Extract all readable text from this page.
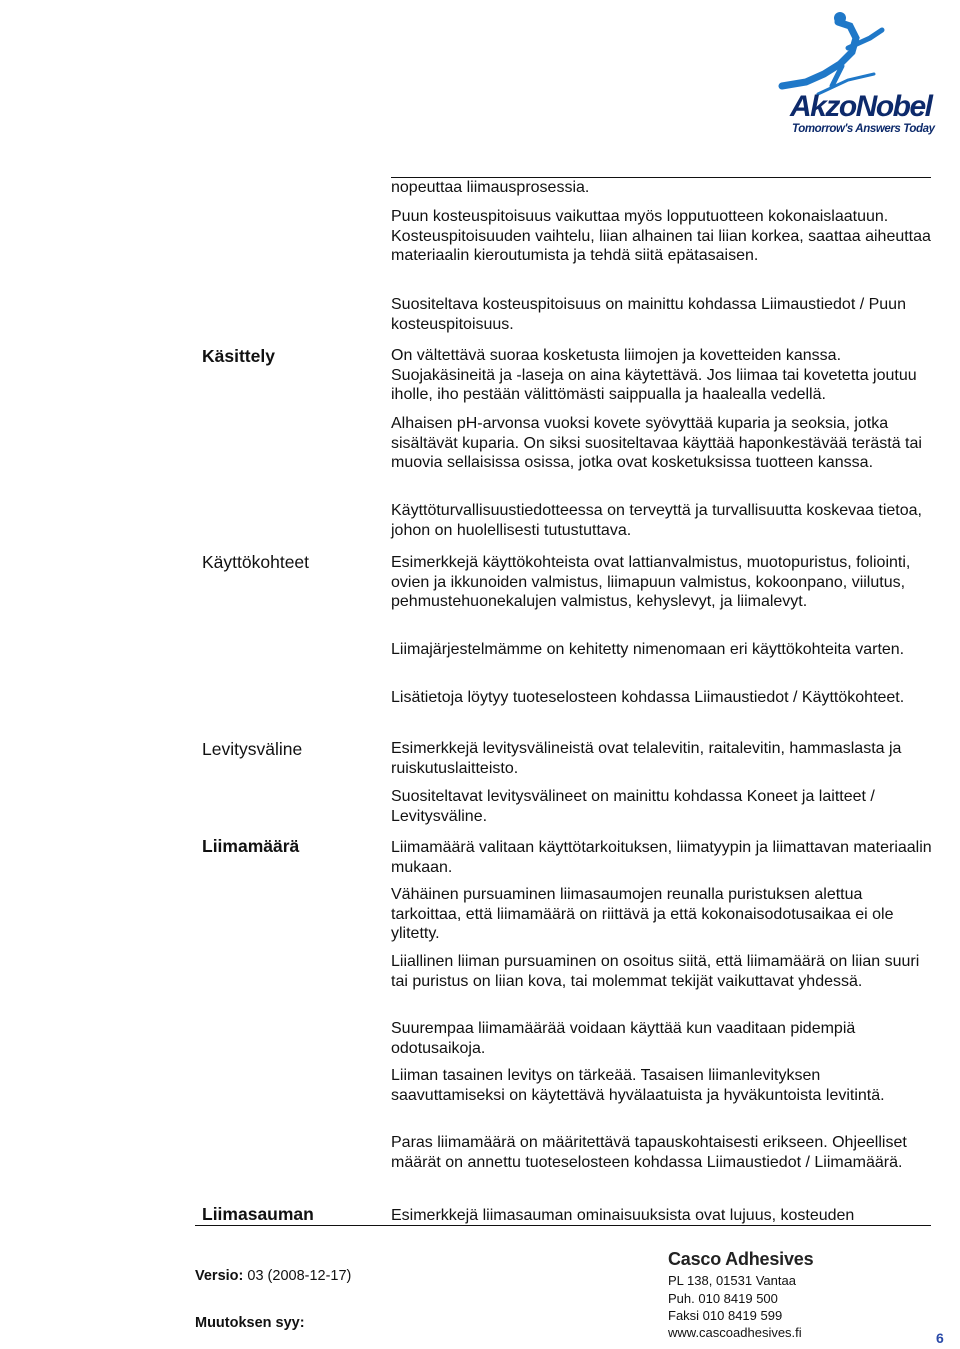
AkzoNobel
Tomorrow's Answers Today
Käsittely
Käyttökohteet
Levitysväline
Liimamäärä
Liimasauman

nopeuttaa liimausprosessia.

Puun kosteuspitoisuus vaikuttaa myös lopputuotteen kokonaislaatuun. Kosteuspitoisuuden vaihtelu, liian alhainen tai liian korkea, saattaa aiheuttaa materiaalin kieroutumista ja tehdä siitä epätasaisen.

Suositeltava kosteuspitoisuus on mainittu kohdassa Liimaustiedot / Puun kosteuspitoisuus.

On vältettävä suoraa kosketusta liimojen ja kovetteiden kanssa. Suojakäsineitä ja -laseja on aina käytettävä. Jos liimaa tai kovetetta joutuu iholle, iho pestään välittömästi saippualla ja haalealla vedellä.

Alhaisen pH-arvonsa vuoksi kovete syövyttää kuparia ja seoksia, jotka sisältävät kuparia. On siksi suositeltavaa käyttää haponkestävää terästä tai muovia sellaisissa osissa, jotka ovat kosketuksissa tuotteen kanssa.

Käyttöturvallisuustiedotteessa on terveyttä ja turvallisuutta koskevaa tietoa, johon on huolellisesti tutustuttava.

Esimerkkejä käyttökohteista ovat lattianvalmistus, muotopuristus, foliointi, ovien ja ikkunoiden valmistus, liimapuun valmistus, kokoonpano, viilutus, pehmustehuonekalujen valmistus, kehyslevyt, ja liimalevyt.

Liimajärjestelmämme on kehitetty nimenomaan eri käyttökohteita varten.

Lisätietoja löytyy tuoteselosteen kohdassa Liimaustiedot / Käyttökohteet.

Esimerkkejä levitysvälineistä ovat telalevitin, raitalevitin, hammaslasta ja ruiskutuslaitteisto.

Suositeltavat levitysvälineet on mainittu kohdassa Koneet ja laitteet / Levitysväline.

Liimamäärä valitaan käyttötarkoituksen, liimatyypin ja liimattavan materiaalin mukaan.

Vähäinen pursuaminen liimasaumojen reunalla puristuksen alettua tarkoittaa, että liimamäärä on riittävä ja että kokonaisodotusaikaa ei ole ylitetty.

Liiallinen liiman pursuaminen on osoitus siitä, että liimamäärä on liian suuri tai puristus on liian kova, tai molemmat tekijät vaikuttavat yhdessä.

Suurempaa liimamäärää voidaan käyttää kun vaaditaan pidempiä odotusaikoja.

Liiman tasainen levitys on tärkeää. Tasaisen liimanlevityksen saavuttamiseksi on käytettävä hyvälaatuista ja hyväkuntoista levitintä.

Paras liimamäärä on määritettävä tapauskohtaisesti erikseen. Ohjeelliset määrät on annettu tuoteselosteen kohdassa Liimaustiedot / Liimamäärä.

Esimerkkejä liimasauman ominaisuuksista ovat lujuus, kosteuden

Versio: 03 (2008-12-17)
Muutoksen syy:
Casco Adhesives
PL 138, 01531 Vantaa
Puh. 010 8419 500
Faksi 010 8419 599
www.cascoadhesives.fi	6
